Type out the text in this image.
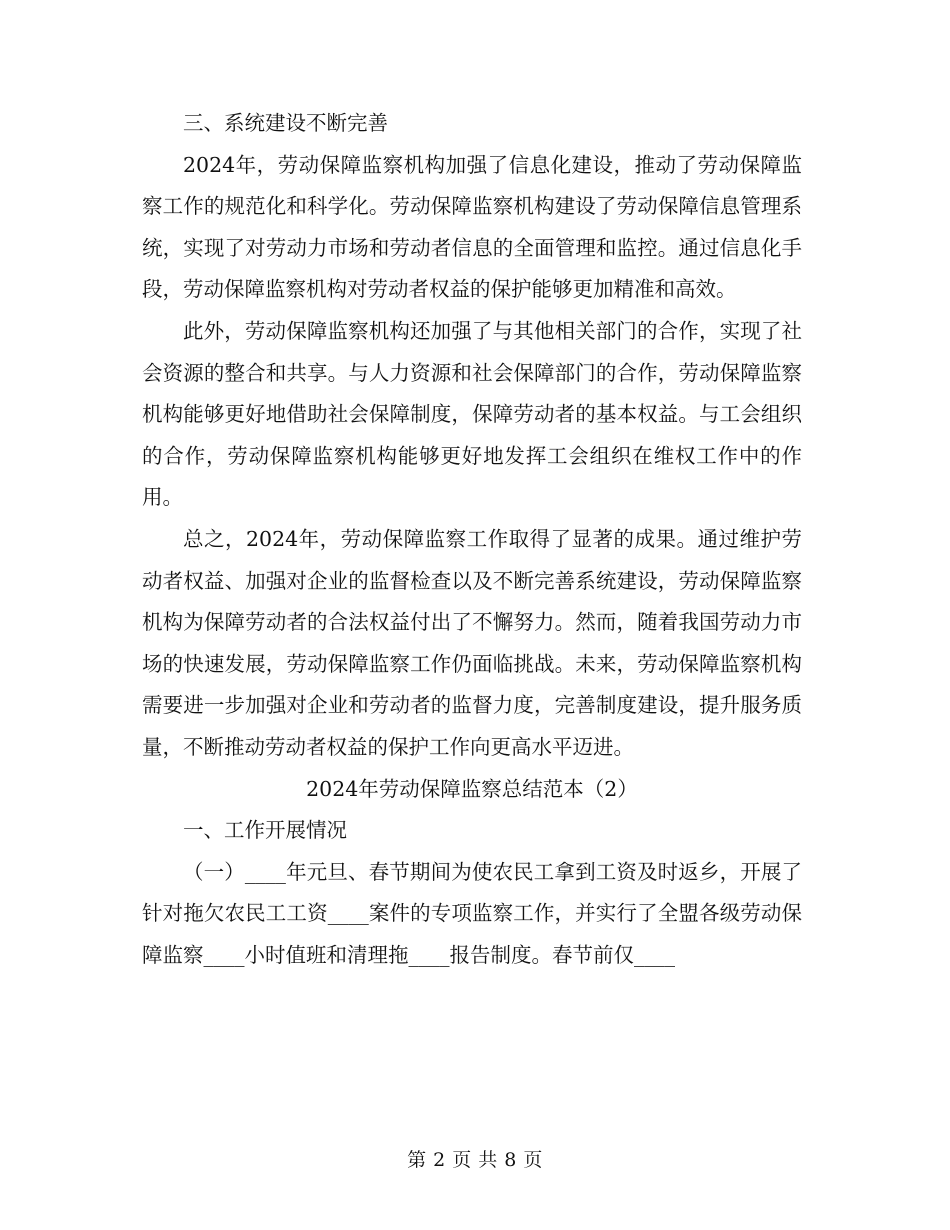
三、系统建设不断完善

2024年，劳动保障监察机构加强了信息化建设，推动了劳动保障监察工作的规范化和科学化。劳动保障监察机构建设了劳动保障信息管理系统，实现了对劳动力市场和劳动者信息的全面管理和监控。通过信息化手段，劳动保障监察机构对劳动者权益的保护能够更加精准和高效。

此外，劳动保障监察机构还加强了与其他相关部门的合作，实现了社会资源的整合和共享。与人力资源和社会保障部门的合作，劳动保障监察机构能够更好地借助社会保障制度，保障劳动者的基本权益。与工会组织的合作，劳动保障监察机构能够更好地发挥工会组织在维权工作中的作用。

总之，2024年，劳动保障监察工作取得了显著的成果。通过维护劳动者权益、加强对企业的监督检查以及不断完善系统建设，劳动保障监察机构为保障劳动者的合法权益付出了不懈努力。然而，随着我国劳动力市场的快速发展，劳动保障监察工作仍面临挑战。未来，劳动保障监察机构需要进一步加强对企业和劳动者的监督力度，完善制度建设，提升服务质量，不断推动劳动者权益的保护工作向更高水平迈进。

2024年劳动保障监察总结范本（2）

一、工作开展情况

（一）____年元旦、春节期间为使农民工拿到工资及时返乡，开展了针对拖欠农民工工资____案件的专项监察工作，并实行了全盟各级劳动保障监察____小时值班和清理拖____报告制度。春节前仅____

第 2 页 共 8 页
